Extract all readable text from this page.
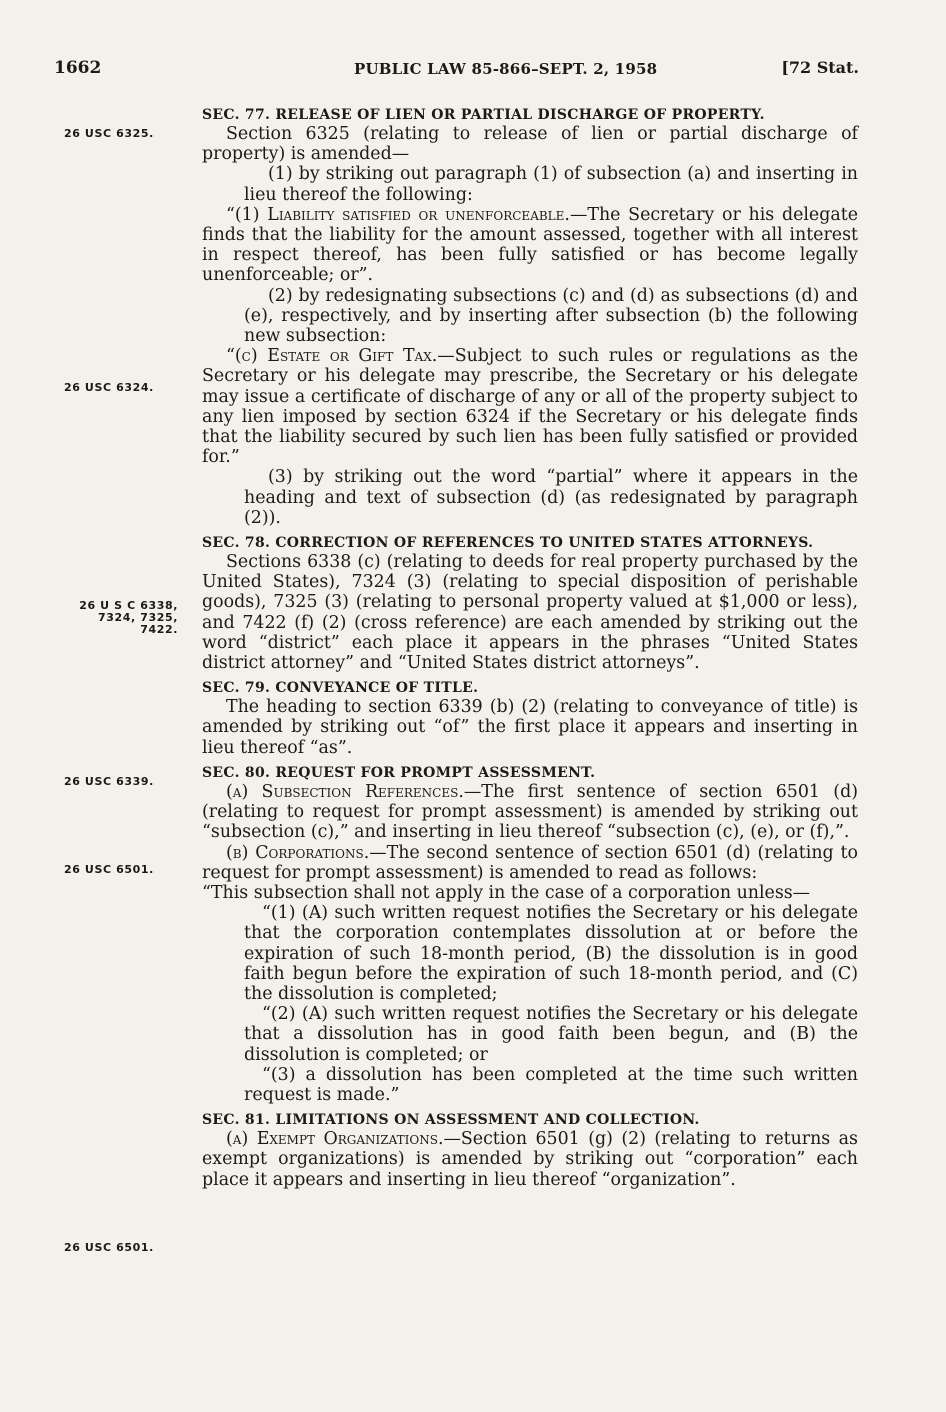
1662	PUBLIC LAW 85-866–SEPT. 2, 1958	[72 Stat.
26 USC 6325.
26 USC 6324.
26 U S C 6338,
7324, 7325, 7422.
26 USC 6339.
26 USC 6501.
26 USC 6501.

SEC. 77. RELEASE OF LIEN OR PARTIAL DISCHARGE OF PROPERTY.

Section 6325 (relating to release of lien or partial discharge of property) is amended—

(1) by striking out paragraph (1) of subsection (a) and inserting in lieu thereof the following:

“(1) Liability satisfied or unenforceable.—The Secretary or his delegate finds that the liability for the amount assessed, together with all interest in respect thereof, has been fully satisfied or has become legally unenforceable; or”.

(2) by redesignating subsections (c) and (d) as subsections (d) and (e), respectively, and by inserting after subsection (b) the following new subsection:

“(c) Estate or Gift Tax.—Subject to such rules or regulations as the Secretary or his delegate may prescribe, the Secretary or his delegate may issue a certificate of discharge of any or all of the property subject to any lien imposed by section 6324 if the Secretary or his delegate finds that the liability secured by such lien has been fully satisfied or provided for.”

(3) by striking out the word “partial” where it appears in the heading and text of subsection (d) (as redesignated by paragraph (2)).

SEC. 78. CORRECTION OF REFERENCES TO UNITED STATES ATTORNEYS.

Sections 6338 (c) (relating to deeds for real property purchased by the United States), 7324 (3) (relating to special disposition of perishable goods), 7325 (3) (relating to personal property valued at $1,000 or less), and 7422 (f) (2) (cross reference) are each amended by striking out the word “district” each place it appears in the phrases “United States district attorney” and “United States district attorneys”.

SEC. 79. CONVEYANCE OF TITLE.

The heading to section 6339 (b) (2) (relating to conveyance of title) is amended by striking out “of” the first place it appears and inserting in lieu thereof “as”.

SEC. 80. REQUEST FOR PROMPT ASSESSMENT.

(a) Subsection References.—The first sentence of section 6501 (d) (relating to request for prompt assessment) is amended by striking out “subsection (c),” and inserting in lieu thereof “subsection (c), (e), or (f),”.

(b) Corporations.—The second sentence of section 6501 (d) (relating to request for prompt assessment) is amended to read as follows:

“This subsection shall not apply in the case of a corporation unless—

“(1) (A) such written request notifies the Secretary or his delegate that the corporation contemplates dissolution at or before the expiration of such 18-month period, (B) the dissolution is in good faith begun before the expiration of such 18-month period, and (C) the dissolution is completed;

“(2) (A) such written request notifies the Secretary or his delegate that a dissolution has in good faith been begun, and (B) the dissolution is completed; or

“(3) a dissolution has been completed at the time such written request is made.”

SEC. 81. LIMITATIONS ON ASSESSMENT AND COLLECTION.

(a) Exempt Organizations.—Section 6501 (g) (2) (relating to returns as exempt organizations) is amended by striking out “corporation” each place it appears and inserting in lieu thereof “organization”.
